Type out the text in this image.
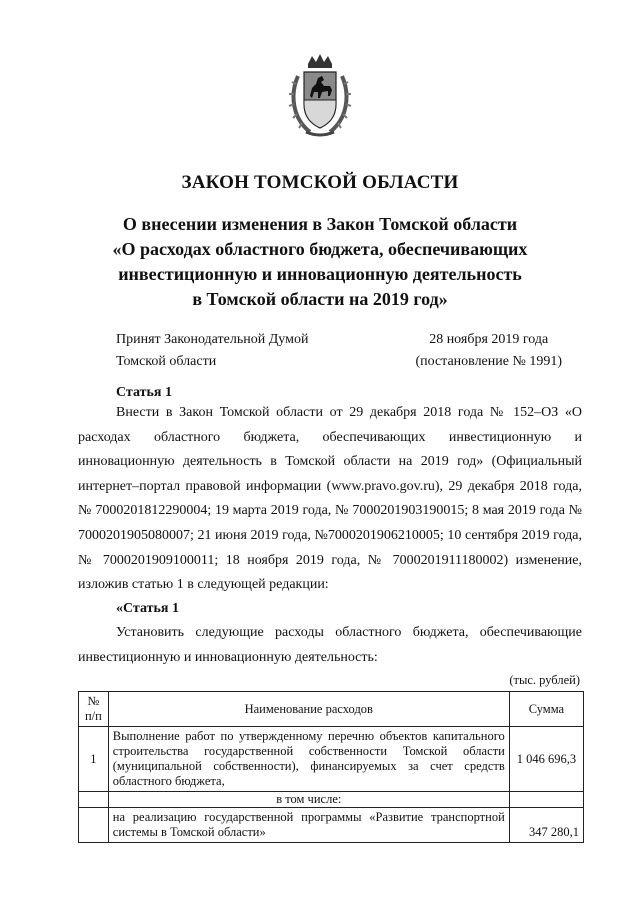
ЗАКОН ТОМСКОЙ ОБЛАСТИ
О внесении изменения в Закон Томской области
«О расходах областного бюджета, обеспечивающих
инвестиционную и инновационную деятельность
в Томской области на 2019 год»
Принят Законодательной Думой
Томской области
28 ноября 2019 года
(постановление № 1991)
Статья 1

Внести в Закон Томской области от 29 декабря 2018 года № 152–ОЗ «О расходах областного бюджета, обеспечивающих инвестиционную и инновационную деятельность в Томской области на 2019 год» (Официальный интернет–портал правовой информации (www.pravo.gov.ru), 29 декабря 2018 года, № 7000201812290004; 19 марта 2019 года, № 7000201903190015; 8 мая 2019 года № 7000201905080007; 21 июня 2019 года, №7000201906210005; 10 сентября 2019 года, № 7000201909100011; 18 ноября 2019 года, № 7000201911180002) изменение, изложив статью 1 в следующей редакции:

«Статья 1

Установить следующие расходы областного бюджета, обеспечивающие инвестиционную и инновационную деятельность:

(тыс. рублей)
№ п/п	Наименование расходов	Сумма
1	Выполнение работ по утвержденному перечню объектов капитального строительства государственной собственности Томской области (муниципальной собственности), финансируемых за счет средств областного бюджета,	1 046 696,3
	в том числе:	
	на реализацию государственной программы «Развитие транспортной системы в Томской области»	347 280,1
